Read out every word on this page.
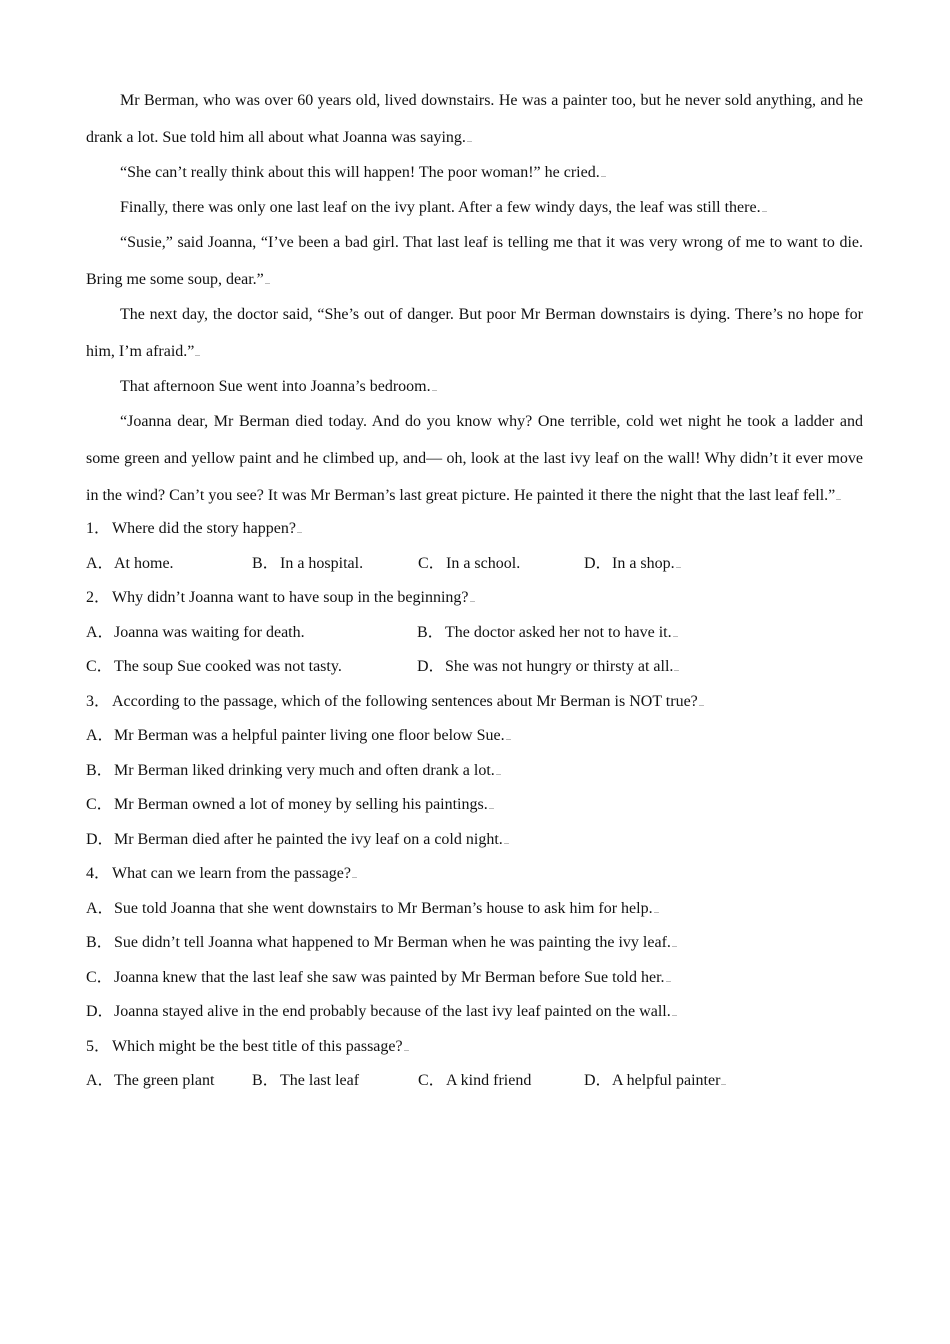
Mr Berman, who was over 60 years old, lived downstairs. He was a painter too, but he never sold anything, and he drank a lot. Sue told him all about what Joanna was saying.

“She can’t really think about this will happen! The poor woman!” he cried.

Finally, there was only one last leaf on the ivy plant. After a few windy days, the leaf was still there.

“Susie,” said Joanna, “I’ve been a bad girl. That last leaf is telling me that it was very wrong of me to want to die. Bring me some soup, dear.”

The next day, the doctor said, “She’s out of danger. But poor Mr Berman downstairs is dying. There’s no hope for him, I’m afraid.”

That afternoon Sue went into Joanna’s bedroom.

“Joanna dear, Mr Berman died today. And do you know why? One terrible, cold wet night he took a ladder and some green and yellow paint and he climbed up, and— oh, look at the last ivy leaf on the wall! Why didn’t it ever move in the wind? Can’t you see? It was Mr Berman’s last great picture. He painted it there the night that the last leaf fell.”

1． Where did the story happen?
A．At home.	B．In a hospital.	C．In a school.	D．In a shop.
2． Why didn’t Joanna want to have soup in the beginning?
A．Joanna was waiting for death.	B．The doctor asked her not to have it.
C．The soup Sue cooked was not tasty.	D．She was not hungry or thirsty at all.
3． According to the passage, which of the following sentences about Mr Berman is NOT true?
A．Mr Berman was a helpful painter living one floor below Sue.
B．Mr Berman liked drinking very much and often drank a lot.
C．Mr Berman owned a lot of money by selling his paintings.
D．Mr Berman died after he painted the ivy leaf on a cold night.
4． What can we learn from the passage?
A．Sue told Joanna that she went downstairs to Mr Berman’s house to ask him for help.
B．Sue didn’t tell Joanna what happened to Mr Berman when he was painting the ivy leaf.
C．Joanna knew that the last leaf she saw was painted by Mr Berman before Sue told her.
D．Joanna stayed alive in the end probably because of the last ivy leaf painted on the wall.
5． Which might be the best title of this passage?
A．The green plant	B．The last leaf	C．A kind friend	D．A helpful painter
